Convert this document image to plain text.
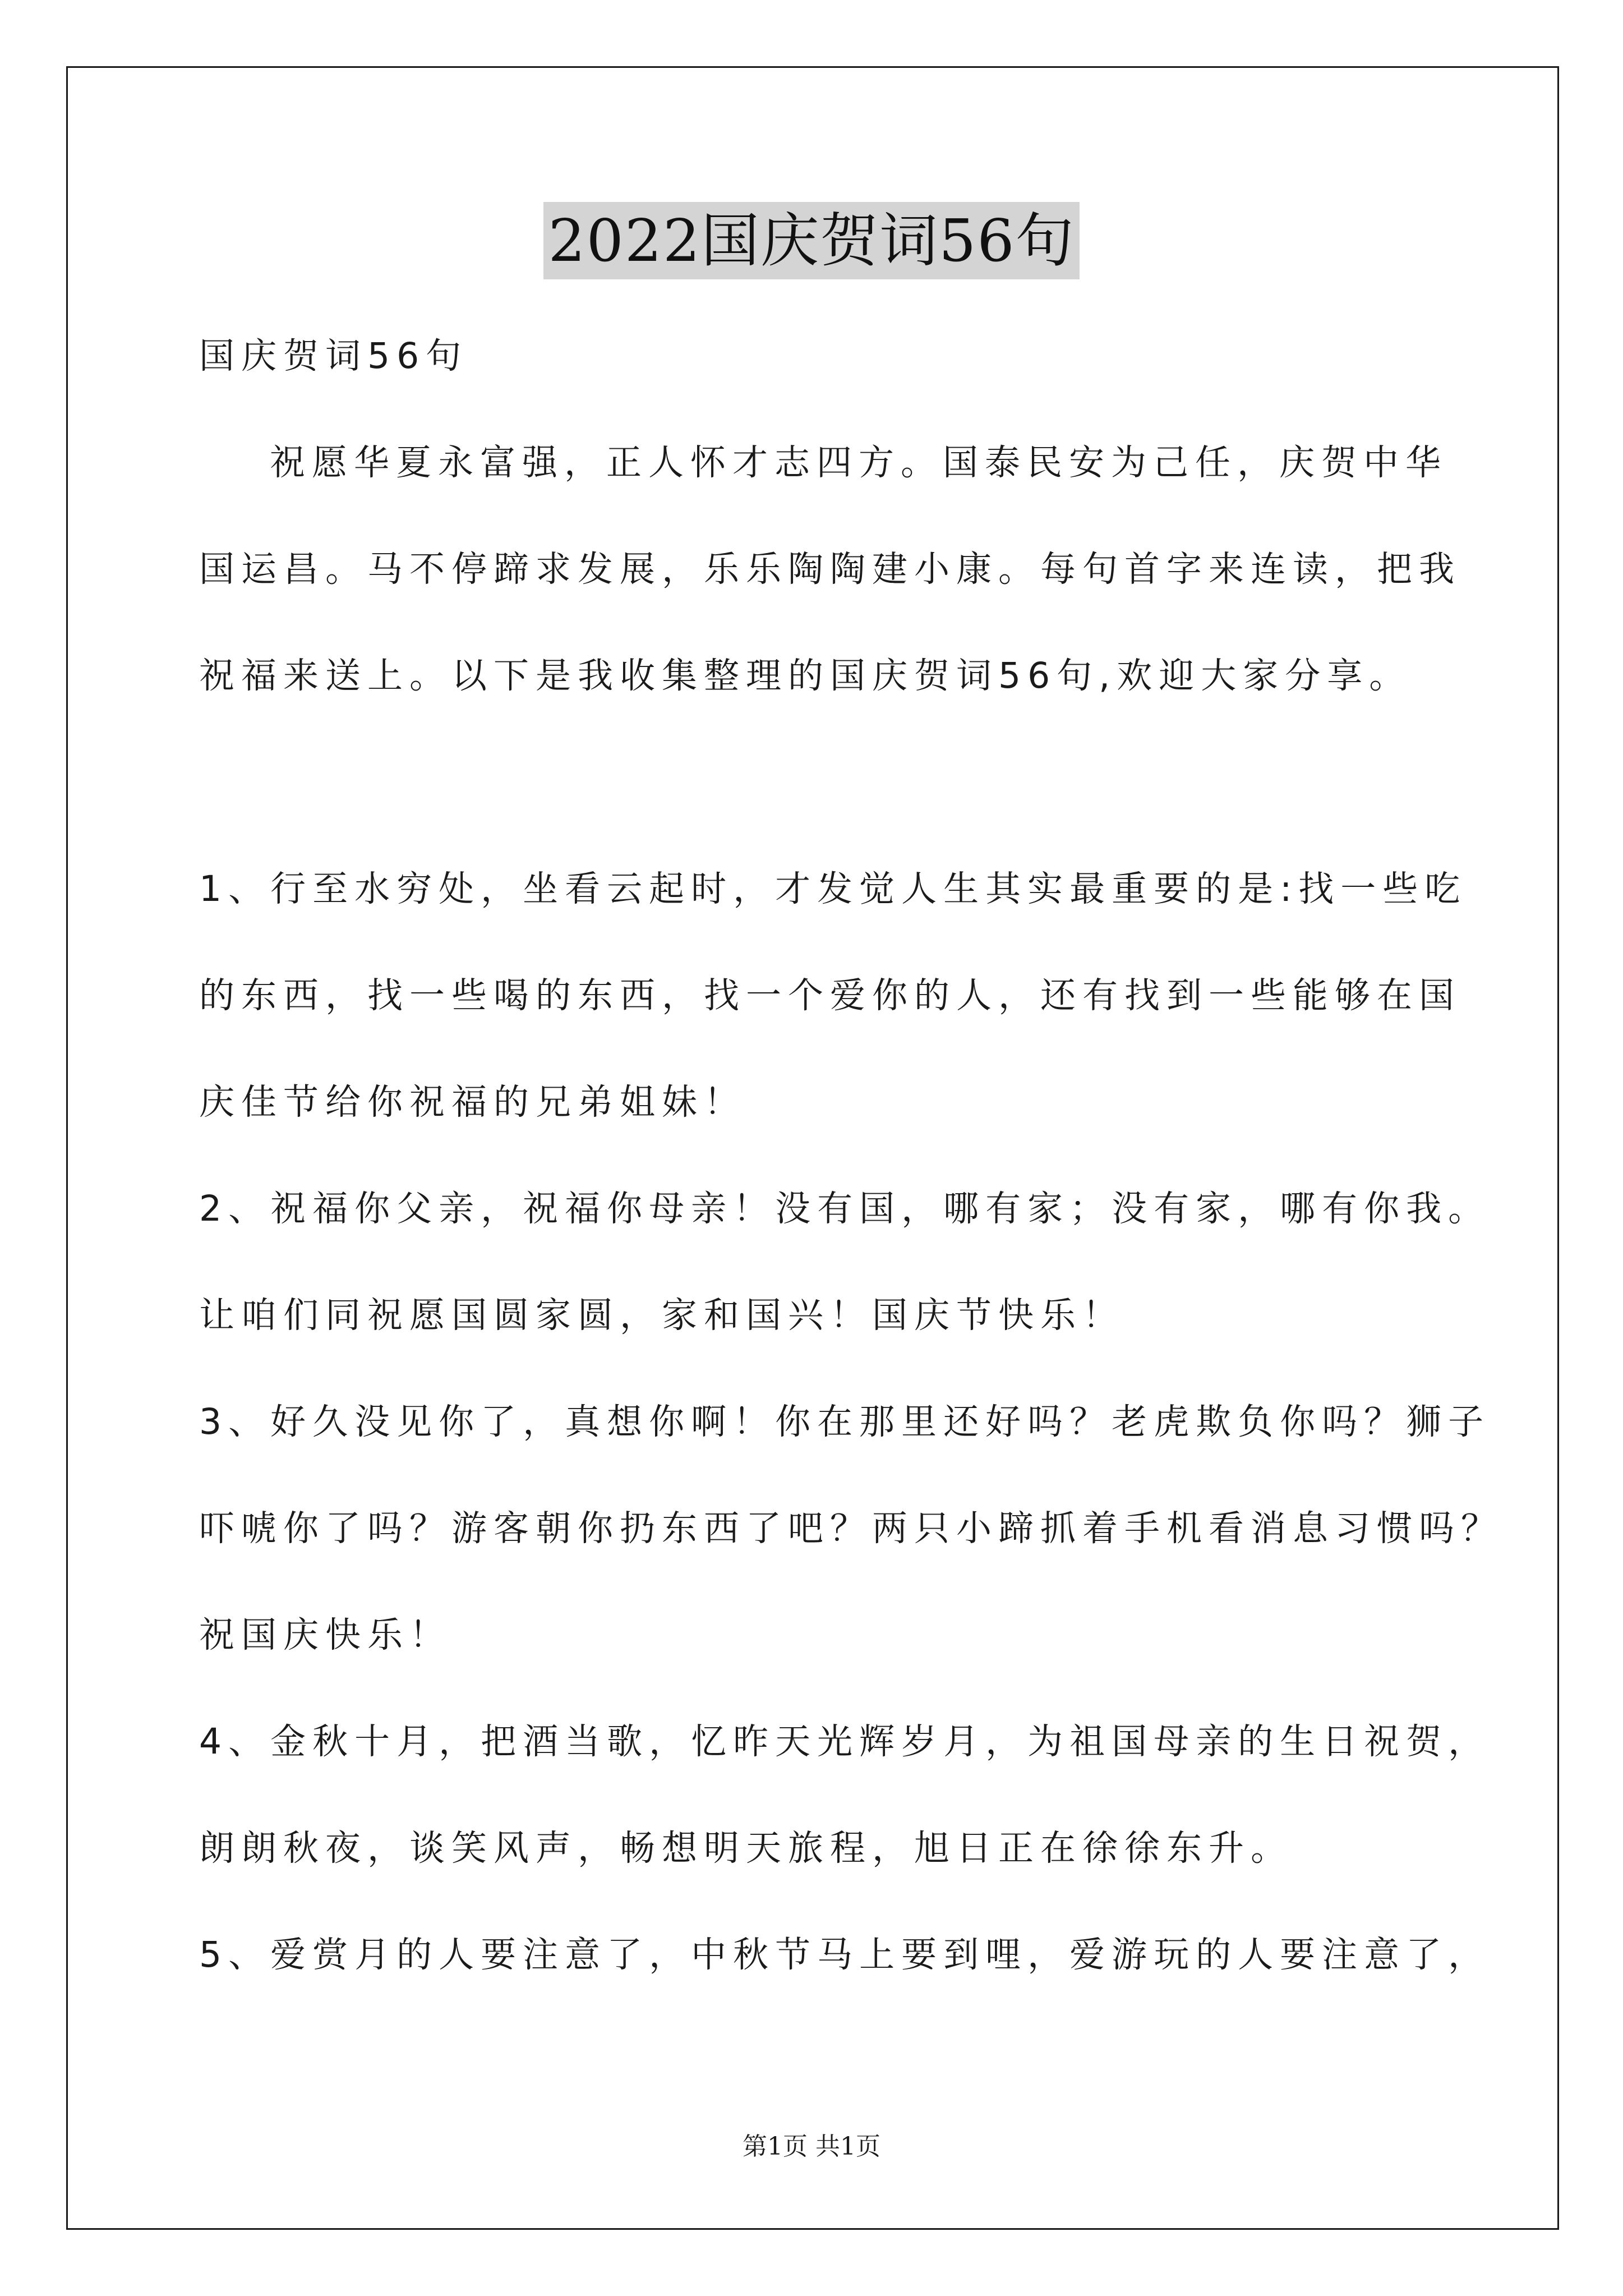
2022国庆贺词56句
国庆贺词56句
祝愿华夏永富强，正人怀才志四方。国泰民安为己任，庆贺中华
国运昌。马不停蹄求发展，乐乐陶陶建小康。每句首字来连读，把我
祝福来送上。以下是我收集整理的国庆贺词56句,欢迎大家分享。
1、行至水穷处，坐看云起时，才发觉人生其实最重要的是:找一些吃
的东西，找一些喝的东西，找一个爱你的人，还有找到一些能够在国
庆佳节给你祝福的兄弟姐妹！
2、祝福你父亲，祝福你母亲！没有国，哪有家；没有家，哪有你我。
让咱们同祝愿国圆家圆，家和国兴！国庆节快乐！
3、好久没见你了，真想你啊！你在那里还好吗？老虎欺负你吗？狮子
吓唬你了吗？游客朝你扔东西了吧？两只小蹄抓着手机看消息习惯吗？
祝国庆快乐！
4、金秋十月，把酒当歌，忆昨天光辉岁月，为祖国母亲的生日祝贺，
朗朗秋夜，谈笑风声，畅想明天旅程，旭日正在徐徐东升。
5、爱赏月的人要注意了，中秋节马上要到哩，爱游玩的人要注意了，
第1页 共1页
